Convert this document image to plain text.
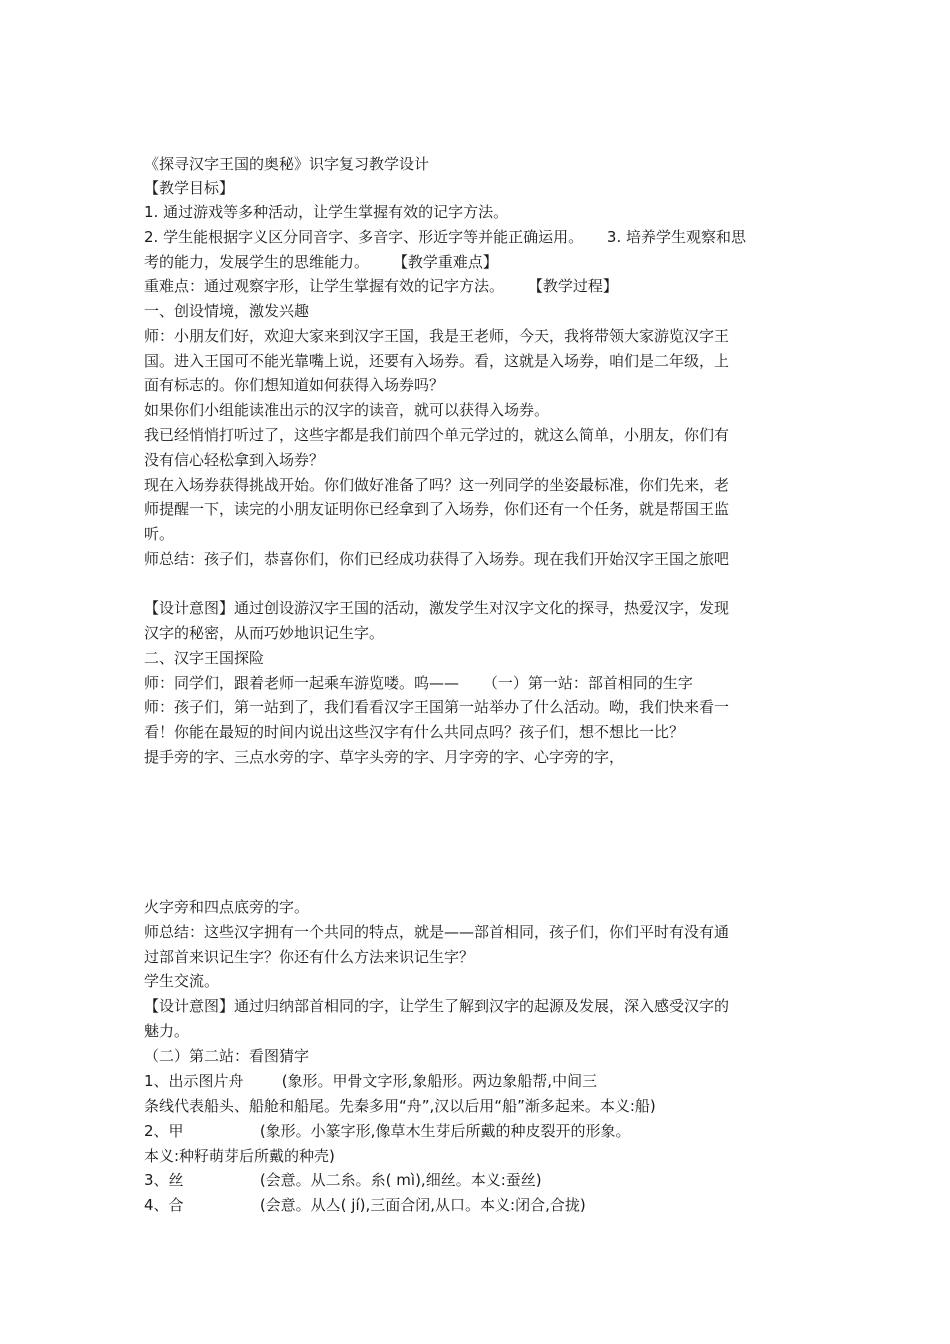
《探寻汉字王国的奥秘》识字复习教学设计
【教学目标】
1. 通过游戏等多种活动，让学生掌握有效的记字方法。
2. 学生能根据字义区分同音字、多音字、形近字等并能正确运用。     3. 培养学生观察和思
考的能力，发展学生的思维能力。     【教学重难点】
重难点：通过观察字形，让学生掌握有效的记字方法。     【教学过程】
一、创设情境，激发兴趣
师：小朋友们好，欢迎大家来到汉字王国，我是王老师，今天，我将带领大家游览汉字王
国。进入王国可不能光靠嘴上说，还要有入场券。看，这就是入场券，咱们是二年级，上
面有标志的。你们想知道如何获得入场券吗？
如果你们小组能读准出示的汉字的读音，就可以获得入场券。
我已经悄悄打听过了，这些字都是我们前四个单元学过的，就这么简单，小朋友，你们有
没有信心轻松拿到入场券？
现在入场券获得挑战开始。你们做好准备了吗？这一列同学的坐姿最标准，你们先来，老
师提醒一下，读完的小朋友证明你已经拿到了入场券，你们还有一个任务，就是帮国王监
听。
师总结：孩子们，恭喜你们，你们已经成功获得了入场券。现在我们开始汉字王国之旅吧
【设计意图】通过创设游汉字王国的活动，激发学生对汉字文化的探寻，热爱汉字，发现
汉字的秘密，从而巧妙地识记生字。
二、汉字王国探险
师：同学们，跟着老师一起乘车游览喽。呜——     （一）第一站：部首相同的生字
师：孩子们，第一站到了，我们看看汉字王国第一站举办了什么活动。呦，我们快来看一
看！你能在最短的时间内说出这些汉字有什么共同点吗？孩子们，想不想比一比？
提手旁的字、三点水旁的字、草字头旁的字、月字旁的字、心字旁的字，
火字旁和四点底旁的字。
师总结：这些汉字拥有一个共同的特点，就是——部首相同，孩子们，你们平时有没有通
过部首来识记生字？你还有什么方法来识记生字？
学生交流。
【设计意图】通过归纳部首相同的字，让学生了解到汉字的起源及发展，深入感受汉字的
魅力。
（二）第二站：看图猜字
1、出示图片舟        (象形。甲骨文字形,象船形。两边象船帮,中间三
条线代表船头、船舱和船尾。先秦多用“舟”,汉以后用“船”渐多起来。本义:船)
2、甲                (象形。小篆字形,像草木生芽后所戴的种皮裂开的形象。
本义:种籽萌芽后所戴的种壳)
3、丝                (会意。从二糸。糸( mì),细丝。本义:蚕丝)
4、合                (会意。从亼( jí),三面合闭,从口。本义:闭合,合拢)
